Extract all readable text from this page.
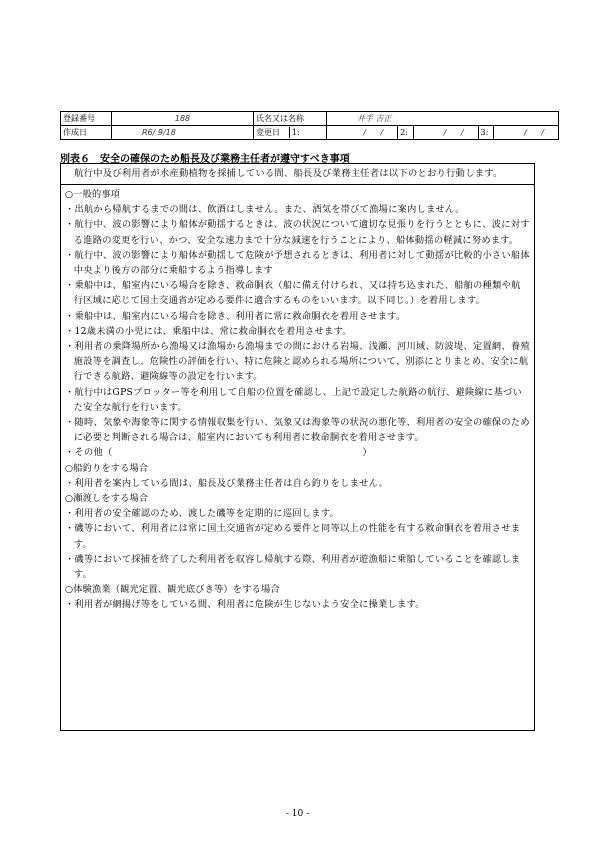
登録番号	188	氏名又は名称	井手 吉正				
作成日	R6/ 9/18	変更日 1:	/ /	2:	/ /	3:	/ /
別表６ 安全の確保のため船長及び業務主任者が遵守すべき事項
航行中及び利用者が水産動植物を採捕している間、船長及び業務主任者は以下のとおり行動します。
○一般的事項
・出航から帰航するまでの間は、飲酒はしません。また、酒気を帯びて漁場に案内しません。
・航行中、波の影響により船体が動揺するときは、波の状況について適切な見張りを行うとともに、波に対する進路の変更を行い、かつ、安全な速力まで十分な減速を行うことにより、船体動揺の軽減に努めます。
・航行中、波の影響により船体が動揺して危険が予想されるときは、利用者に対して動揺が比較的小さい船体中央より後方の部分に乗船するよう指導します
・乗船中は、船室内にいる場合を除き、救命胴衣（船に備え付けられ、又は持ち込まれた、船舶の種類や航行区域に応じて国土交通省が定める要件に適合するものをいいます。以下同じ。）を着用します。
・乗船中は、船室内にいる場合を除き、利用者に常に救命胴衣を着用させます。
・12歳未満の小児には、乗船中は、常に救命胴衣を着用させます。
・利用者の乗降場所から漁場又は漁場から漁場までの間における岩場、浅瀬、河川域、防波堤、定置網、養殖施設等を調査し、危険性の評価を行い、特に危険と認められる場所について、別添にとりまとめ、安全に航行できる航路、避険線等の設定を行います。
・航行中はGPSプロッター等を利用して自船の位置を確認し、上記で設定した航路の航行、避険線に基づいた安全な航行を行います。
・随時、気象や海象等に関する情報収集を行い、気象又は海象等の状況の悪化等、利用者の安全の確保のために必要と判断される場合は、船室内においても利用者に救命胴衣を着用させます。
・その他（	）
○船釣りをする場合
・利用者を案内している間は、船長及び業務主任者は自ら釣りをしません。
○瀬渡しをする場合
・利用者の安全確認のため、渡した磯等を定期的に巡回します。
・磯等において、利用者には常に国土交通省が定める要件と同等以上の性能を有する救命胴衣を着用させます。
・磯等において採捕を終了した利用者を収容し帰航する際、利用者が遊漁船に乗船していることを確認します。
○体験漁業（観光定置、観光底びき等）をする場合
・利用者が網揚げ等をしている間、利用者に危険が生じないよう安全に操業します。
- 10 -
